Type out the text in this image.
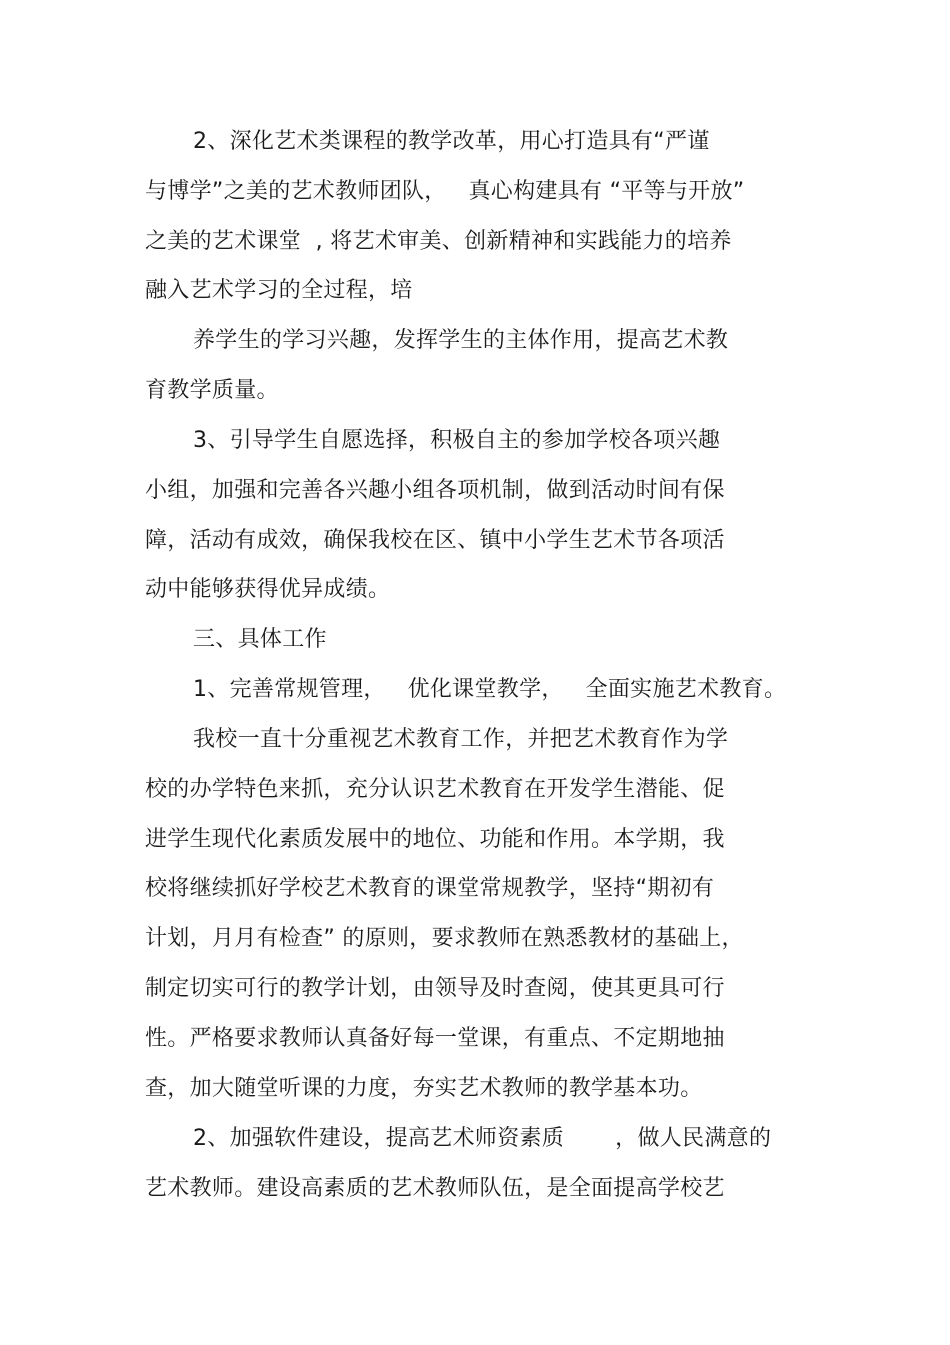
2、深化艺术类课程的教学改革，用心打造具有“严谨
与博学”之美的艺术教师团队，   真心构建具有 “平等与开放”
之美的艺术课堂  , 将艺术审美、创新精神和实践能力的培养
融入艺术学习的全过程，培
养学生的学习兴趣，发挥学生的主体作用，提高艺术教
育教学质量。
3、引导学生自愿选择，积极自主的参加学校各项兴趣
小组，加强和完善各兴趣小组各项机制，做到活动时间有保
障，活动有成效，确保我校在区、镇中小学生艺术节各项活
动中能够获得优异成绩。
三、具体工作
1、完善常规管理，   优化课堂教学，   全面实施艺术教育。
我校一直十分重视艺术教育工作，并把艺术教育作为学
校的办学特色来抓，充分认识艺术教育在开发学生潜能、促
进学生现代化素质发展中的地位、功能和作用。本学期，我
校将继续抓好学校艺术教育的课堂常规教学，坚持“期初有
计划，月月有检查” 的原则，要求教师在熟悉教材的基础上，
制定切实可行的教学计划，由领导及时查阅，使其更具可行
性。严格要求教师认真备好每一堂课，有重点、不定期地抽
查，加大随堂听课的力度，夯实艺术教师的教学基本功。
2、加强软件建设，提高艺术师资素质       ，做人民满意的
艺术教师。建设高素质的艺术教师队伍，是全面提高学校艺
